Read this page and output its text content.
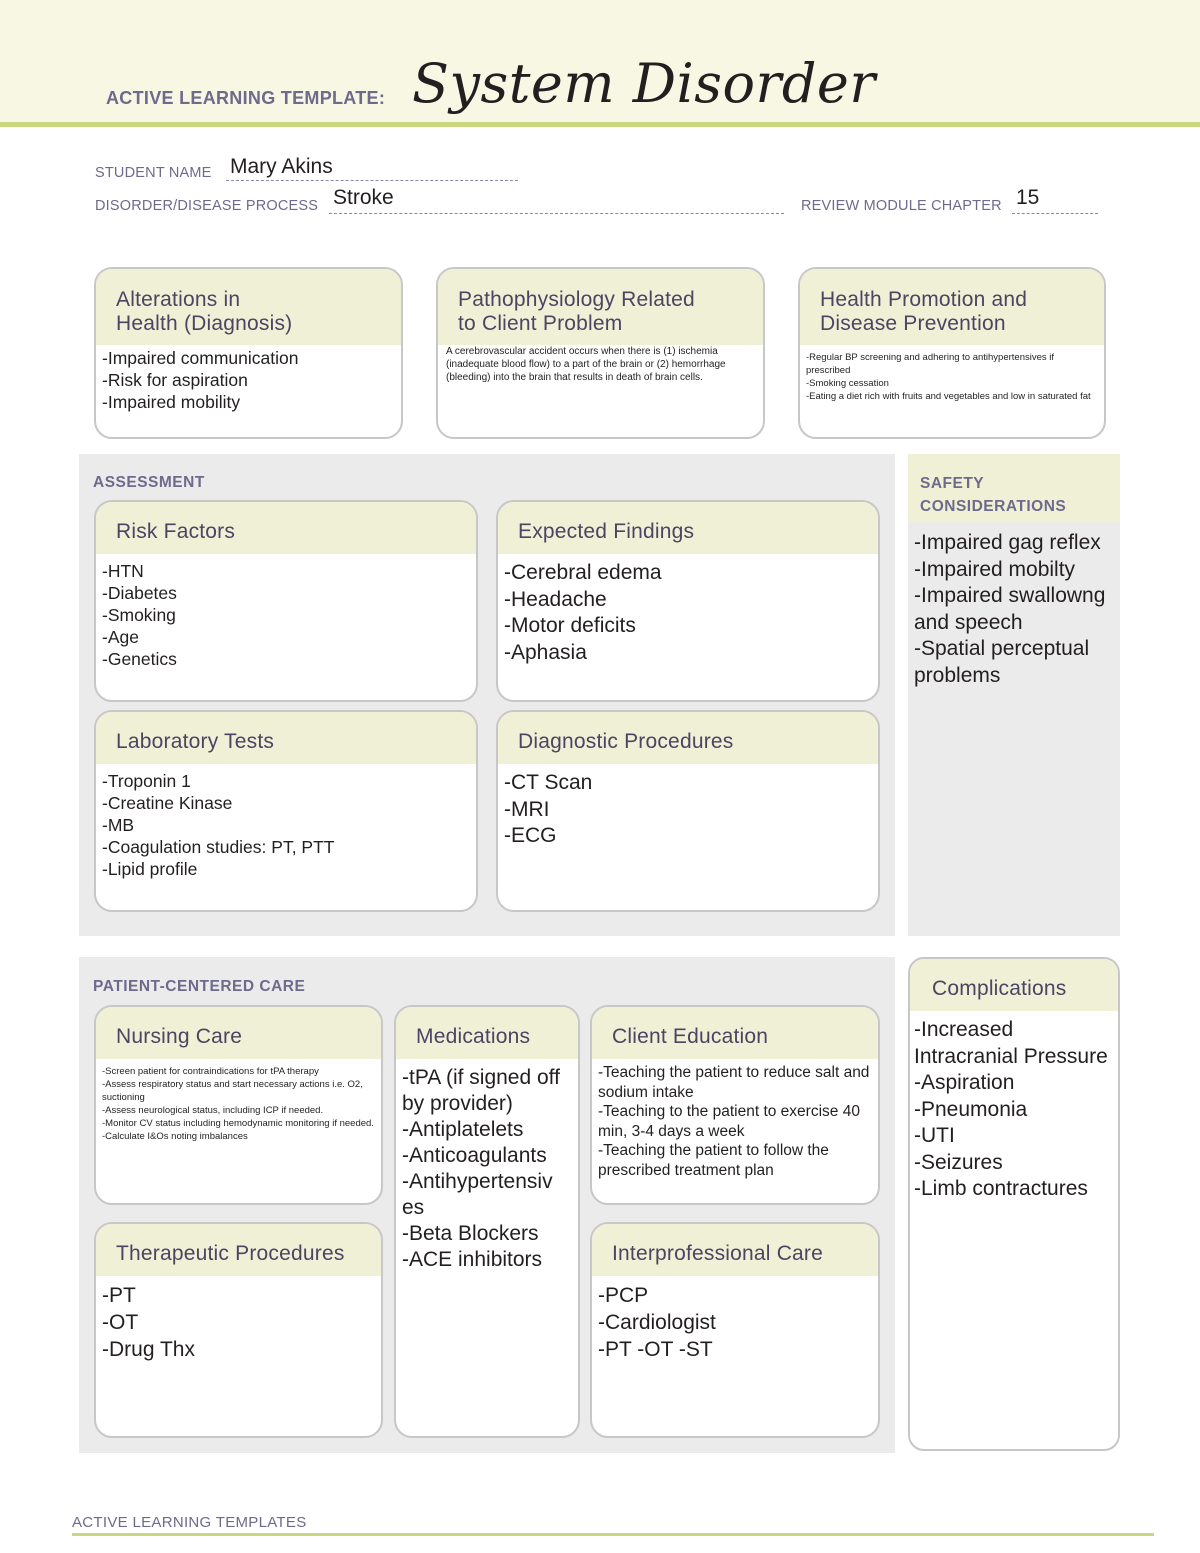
ACTIVE LEARNING TEMPLATE: System Disorder
STUDENT NAME Mary Akins
DISORDER/DISEASE PROCESS Stroke	REVIEW MODULE CHAPTER 15
Alterations in
Health (Diagnosis)
-Impaired communication
-Risk for aspiration
-Impaired mobility
Pathophysiology Related
to Client Problem
A cerebrovascular accident occurs when there is (1) ischemia (inadequate blood flow) to a part of the brain or (2) hemorrhage (bleeding) into the brain that results in death of brain cells.
Health Promotion and
Disease Prevention
-Regular BP screening and adhering to antihypertensives if prescribed
-Smoking cessation
-Eating a diet rich with fruits and vegetables and low in saturated fat
ASSESSMENT
Risk Factors
-HTN
-Diabetes
-Smoking
-Age
-Genetics
Expected Findings
-Cerebral edema
-Headache
-Motor deficits
-Aphasia
Laboratory Tests
-Troponin 1
-Creatine Kinase
-MB
-Coagulation studies: PT, PTT
-Lipid profile
Diagnostic Procedures
-CT Scan
-MRI
-ECG
SAFETY
CONSIDERATIONS
-Impaired gag reflex
-Impaired mobilty
-Impaired swallowng and speech
-Spatial perceptual problems
PATIENT-CENTERED CARE
Nursing Care
-Screen patient for contraindications for tPA therapy
-Assess respiratory status and start necessary actions i.e. O2, suctioning
-Assess neurological status, including ICP if needed.
-Monitor CV status including hemodynamic monitoring if needed.
-Calculate I&Os noting imbalances
Medications
-tPA (if signed off by provider)
-Antiplatelets
-Anticoagulants
-Antihypertensiv es
-Beta Blockers
-ACE inhibitors
Client Education
-Teaching the patient to reduce salt and sodium intake
-Teaching to the patient to exercise 40 min, 3-4 days a week
-Teaching the patient to follow the prescribed treatment plan
Therapeutic Procedures
-PT
-OT
-Drug Thx
Interprofessional Care
-PCP
-Cardiologist
-PT -OT -ST
Complications
-Increased Intracranial Pressure
-Aspiration
-Pneumonia
-UTI
-Seizures
-Limb contractures
ACTIVE LEARNING TEMPLATES
